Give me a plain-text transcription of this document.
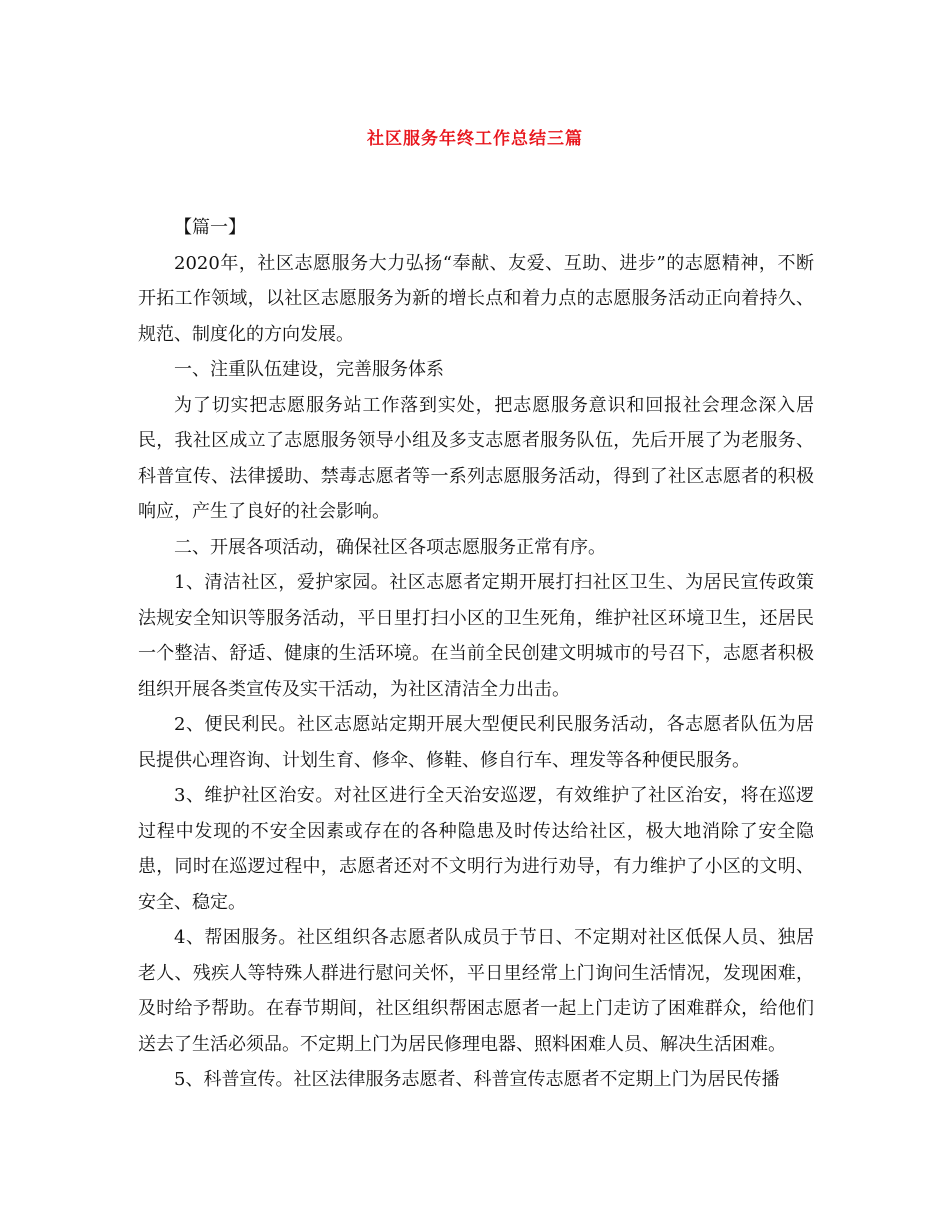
社区服务年终工作总结三篇

【篇一】

2020年，社区志愿服务大力弘扬“奉献、友爱、互助、进步”的志愿精神，不断开拓工作领域，以社区志愿服务为新的增长点和着力点的志愿服务活动正向着持久、规范、制度化的方向发展。

一、注重队伍建设，完善服务体系

为了切实把志愿服务站工作落到实处，把志愿服务意识和回报社会理念深入居民，我社区成立了志愿服务领导小组及多支志愿者服务队伍，先后开展了为老服务、科普宣传、法律援助、禁毒志愿者等一系列志愿服务活动，得到了社区志愿者的积极响应，产生了良好的社会影响。

二、开展各项活动，确保社区各项志愿服务正常有序。

1、清洁社区，爱护家园。社区志愿者定期开展打扫社区卫生、为居民宣传政策法规安全知识等服务活动，平日里打扫小区的卫生死角，维护社区环境卫生，还居民一个整洁、舒适、健康的生活环境。在当前全民创建文明城市的号召下，志愿者积极组织开展各类宣传及实干活动，为社区清洁全力出击。

2、便民利民。社区志愿站定期开展大型便民利民服务活动，各志愿者队伍为居民提供心理咨询、计划生育、修伞、修鞋、修自行车、理发等各种便民服务。

3、维护社区治安。对社区进行全天治安巡逻，有效维护了社区治安，将在巡逻过程中发现的不安全因素或存在的各种隐患及时传达给社区，极大地消除了安全隐患，同时在巡逻过程中，志愿者还对不文明行为进行劝导，有力维护了小区的文明、安全、稳定。

4、帮困服务。社区组织各志愿者队成员于节日、不定期对社区低保人员、独居老人、残疾人等特殊人群进行慰问关怀，平日里经常上门询问生活情况，发现困难，及时给予帮助。在春节期间，社区组织帮困志愿者一起上门走访了困难群众，给他们送去了生活必须品。不定期上门为居民修理电器、照料困难人员、解决生活困难。

5、科普宣传。社区法律服务志愿者、科普宣传志愿者不定期上门为居民传播
